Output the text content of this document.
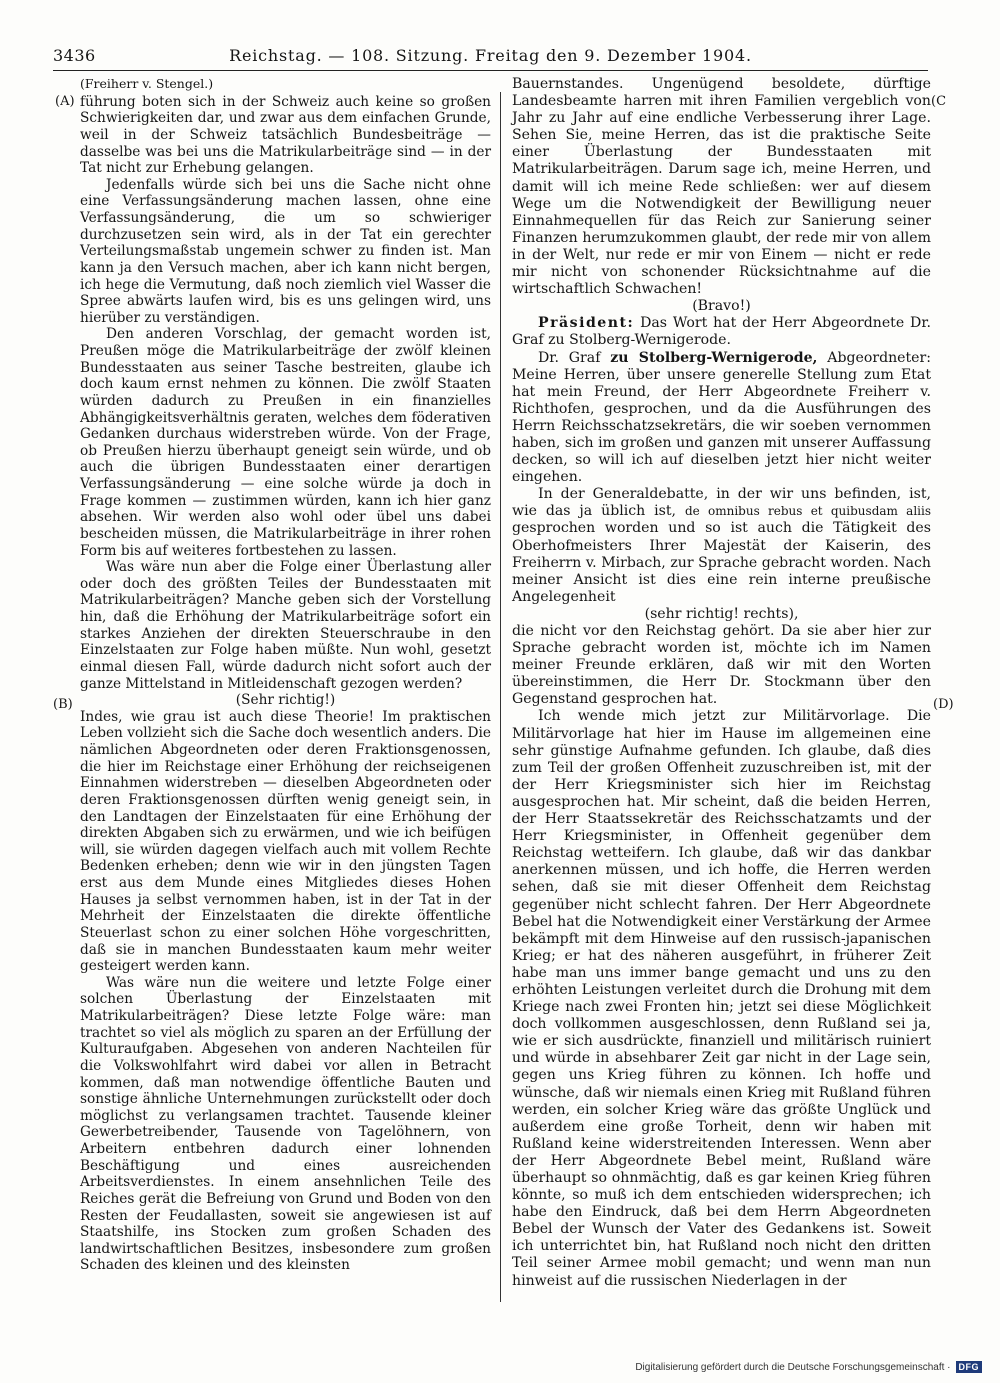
3436	Reichstag. — 108. Sitzung. Freitag den 9. Dezember 1904.
(A)
(B)
(C
(D)

(Freiherr v. Stengel.)

führung boten sich in der Schweiz auch keine so großen Schwierigkeiten dar, und zwar aus dem einfachen Grunde, weil in der Schweiz tatsächlich Bundesbeiträge — dasselbe was bei uns die Matrikularbeiträge sind — in der Tat nicht zur Erhebung gelangen.

Jedenfalls würde sich bei uns die Sache nicht ohne eine Verfassungsänderung machen lassen, ohne eine Verfassungsänderung, die um so schwieriger durchzusetzen sein wird, als in der Tat ein gerechter Verteilungsmaßstab ungemein schwer zu finden ist. Man kann ja den Versuch machen, aber ich kann nicht bergen, ich hege die Vermutung, daß noch ziemlich viel Wasser die Spree abwärts laufen wird, bis es uns gelingen wird, uns hierüber zu verständigen.

Den anderen Vorschlag, der gemacht worden ist, Preußen möge die Matrikularbeiträge der zwölf kleinen Bundesstaaten aus seiner Tasche bestreiten, glaube ich doch kaum ernst nehmen zu können. Die zwölf Staaten würden dadurch zu Preußen in ein finanzielles Abhängigkeitsverhältnis geraten, welches dem föderativen Gedanken durchaus widerstreben würde. Von der Frage, ob Preußen hierzu überhaupt geneigt sein würde, und ob auch die übrigen Bundesstaaten einer derartigen Verfassungsänderung — eine solche würde ja doch in Frage kommen — zustimmen würden, kann ich hier ganz absehen. Wir werden also wohl oder übel uns dabei bescheiden müssen, die Matrikularbeiträge in ihrer rohen Form bis auf weiteres fortbestehen zu lassen.

Was wäre nun aber die Folge einer Überlastung aller oder doch des größten Teiles der Bundesstaaten mit Matrikularbeiträgen? Manche geben sich der Vorstellung hin, daß die Erhöhung der Matrikularbeiträge sofort ein starkes Anziehen der direkten Steuerschraube in den Einzelstaaten zur Folge haben müßte. Nun wohl, gesetzt einmal diesen Fall, würde dadurch nicht sofort auch der ganze Mittelstand in Mitleidenschaft gezogen werden?

(Sehr richtig!)

Indes, wie grau ist auch diese Theorie! Im praktischen Leben vollzieht sich die Sache doch wesentlich anders. Die nämlichen Abgeordneten oder deren Fraktionsgenossen, die hier im Reichstage einer Erhöhung der reichseigenen Einnahmen widerstreben — dieselben Abgeordneten oder deren Fraktionsgenossen dürften wenig geneigt sein, in den Landtagen der Einzelstaaten für eine Erhöhung der direkten Abgaben sich zu erwärmen, und wie ich beifügen will, sie würden dagegen vielfach auch mit vollem Rechte Bedenken erheben; denn wie wir in den jüngsten Tagen erst aus dem Munde eines Mitgliedes dieses Hohen Hauses ja selbst vernommen haben, ist in der Tat in der Mehrheit der Einzelstaaten die direkte öffentliche Steuerlast schon zu einer solchen Höhe vorgeschritten, daß sie in manchen Bundesstaaten kaum mehr weiter gesteigert werden kann.

Was wäre nun die weitere und letzte Folge einer solchen Überlastung der Einzelstaaten mit Matrikularbeiträgen? Diese letzte Folge wäre: man trachtet so viel als möglich zu sparen an der Erfüllung der Kulturaufgaben. Abgesehen von anderen Nachteilen für die Volkswohlfahrt wird dabei vor allen in Betracht kommen, daß man notwendige öffentliche Bauten und sonstige ähnliche Unternehmungen zurückstellt oder doch möglichst zu verlangsamen trachtet. Tausende kleiner Gewerbetreibender, Tausende von Tagelöhnern, von Arbeitern entbehren dadurch einer lohnenden Beschäftigung und eines ausreichenden Arbeitsverdienstes. In einem ansehnlichen Teile des Reiches gerät die Befreiung von Grund und Boden von den Resten der Feudallasten, soweit sie angewiesen ist auf Staatshilfe, ins Stocken zum großen Schaden des landwirtschaftlichen Besitzes, insbesondere zum großen Schaden des kleinen und des kleinsten

Bauernstandes. Ungenügend besoldete, dürftige Landesbeamte harren mit ihren Familien vergeblich von Jahr zu Jahr auf eine endliche Verbesserung ihrer Lage. Sehen Sie, meine Herren, das ist die praktische Seite einer Überlastung der Bundesstaaten mit Matrikularbeiträgen. Darum sage ich, meine Herren, und damit will ich meine Rede schließen: wer auf diesem Wege um die Notwendigkeit der Bewilligung neuer Einnahmequellen für das Reich zur Sanierung seiner Finanzen herumzukommen glaubt, der rede mir von allem in der Welt, nur rede er mir von Einem — nicht er rede mir nicht von schonender Rücksichtnahme auf die wirtschaftlich Schwachen!

(Bravo!)

Präsident: Das Wort hat der Herr Abgeordnete Dr. Graf zu Stolberg-Wernigerode.

Dr. Graf zu Stolberg-Wernigerode, Abgeordneter: Meine Herren, über unsere generelle Stellung zum Etat hat mein Freund, der Herr Abgeordnete Freiherr v. Richthofen, gesprochen, und da die Ausführungen des Herrn Reichsschatzsekretärs, die wir soeben vernommen haben, sich im großen und ganzen mit unserer Auffassung decken, so will ich auf dieselben jetzt hier nicht weiter eingehen.

In der Generaldebatte, in der wir uns befinden, ist, wie das ja üblich ist, de omnibus rebus et quibusdam aliis gesprochen worden und so ist auch die Tätigkeit des Oberhofmeisters Ihrer Majestät der Kaiserin, des Freiherrn v. Mirbach, zur Sprache gebracht worden. Nach meiner Ansicht ist dies eine rein interne preußische Angelegenheit

(sehr richtig! rechts),

die nicht vor den Reichstag gehört. Da sie aber hier zur Sprache gebracht worden ist, möchte ich im Namen meiner Freunde erklären, daß wir mit den Worten übereinstimmen, die Herr Dr. Stockmann über den Gegenstand gesprochen hat.

Ich wende mich jetzt zur Militärvorlage. Die Militärvorlage hat hier im Hause im allgemeinen eine sehr günstige Aufnahme gefunden. Ich glaube, daß dies zum Teil der großen Offenheit zuzuschreiben ist, mit der der Herr Kriegsminister sich hier im Reichstag ausgesprochen hat. Mir scheint, daß die beiden Herren, der Herr Staatssekretär des Reichsschatzamts und der Herr Kriegsminister, in Offenheit gegenüber dem Reichstag wetteifern. Ich glaube, daß wir das dankbar anerkennen müssen, und ich hoffe, die Herren werden sehen, daß sie mit dieser Offenheit dem Reichstag gegenüber nicht schlecht fahren. Der Herr Abgeordnete Bebel hat die Notwendigkeit einer Verstärkung der Armee bekämpft mit dem Hinweise auf den russisch-japanischen Krieg; er hat des näheren ausgeführt, in früherer Zeit habe man uns immer bange gemacht und uns zu den erhöhten Leistungen verleitet durch die Drohung mit dem Kriege nach zwei Fronten hin; jetzt sei diese Möglichkeit doch vollkommen ausgeschlossen, denn Rußland sei ja, wie er sich ausdrückte, finanziell und militärisch ruiniert und würde in absehbarer Zeit gar nicht in der Lage sein, gegen uns Krieg führen zu können. Ich hoffe und wünsche, daß wir niemals einen Krieg mit Rußland führen werden, ein solcher Krieg wäre das größte Unglück und außerdem eine große Torheit, denn wir haben mit Rußland keine widerstreitenden Interessen. Wenn aber der Herr Abgeordnete Bebel meint, Rußland wäre überhaupt so ohnmächtig, daß es gar keinen Krieg führen könnte, so muß ich dem entschieden widersprechen; ich habe den Eindruck, daß bei dem Herrn Abgeordneten Bebel der Wunsch der Vater des Gedankens ist. Soweit ich unterrichtet bin, hat Rußland noch nicht den dritten Teil seiner Armee mobil gemacht; und wenn man nun hinweist auf die russischen Niederlagen in der

Digitalisierung gefördert durch die Deutsche Forschungsgemeinschaft · DFG
